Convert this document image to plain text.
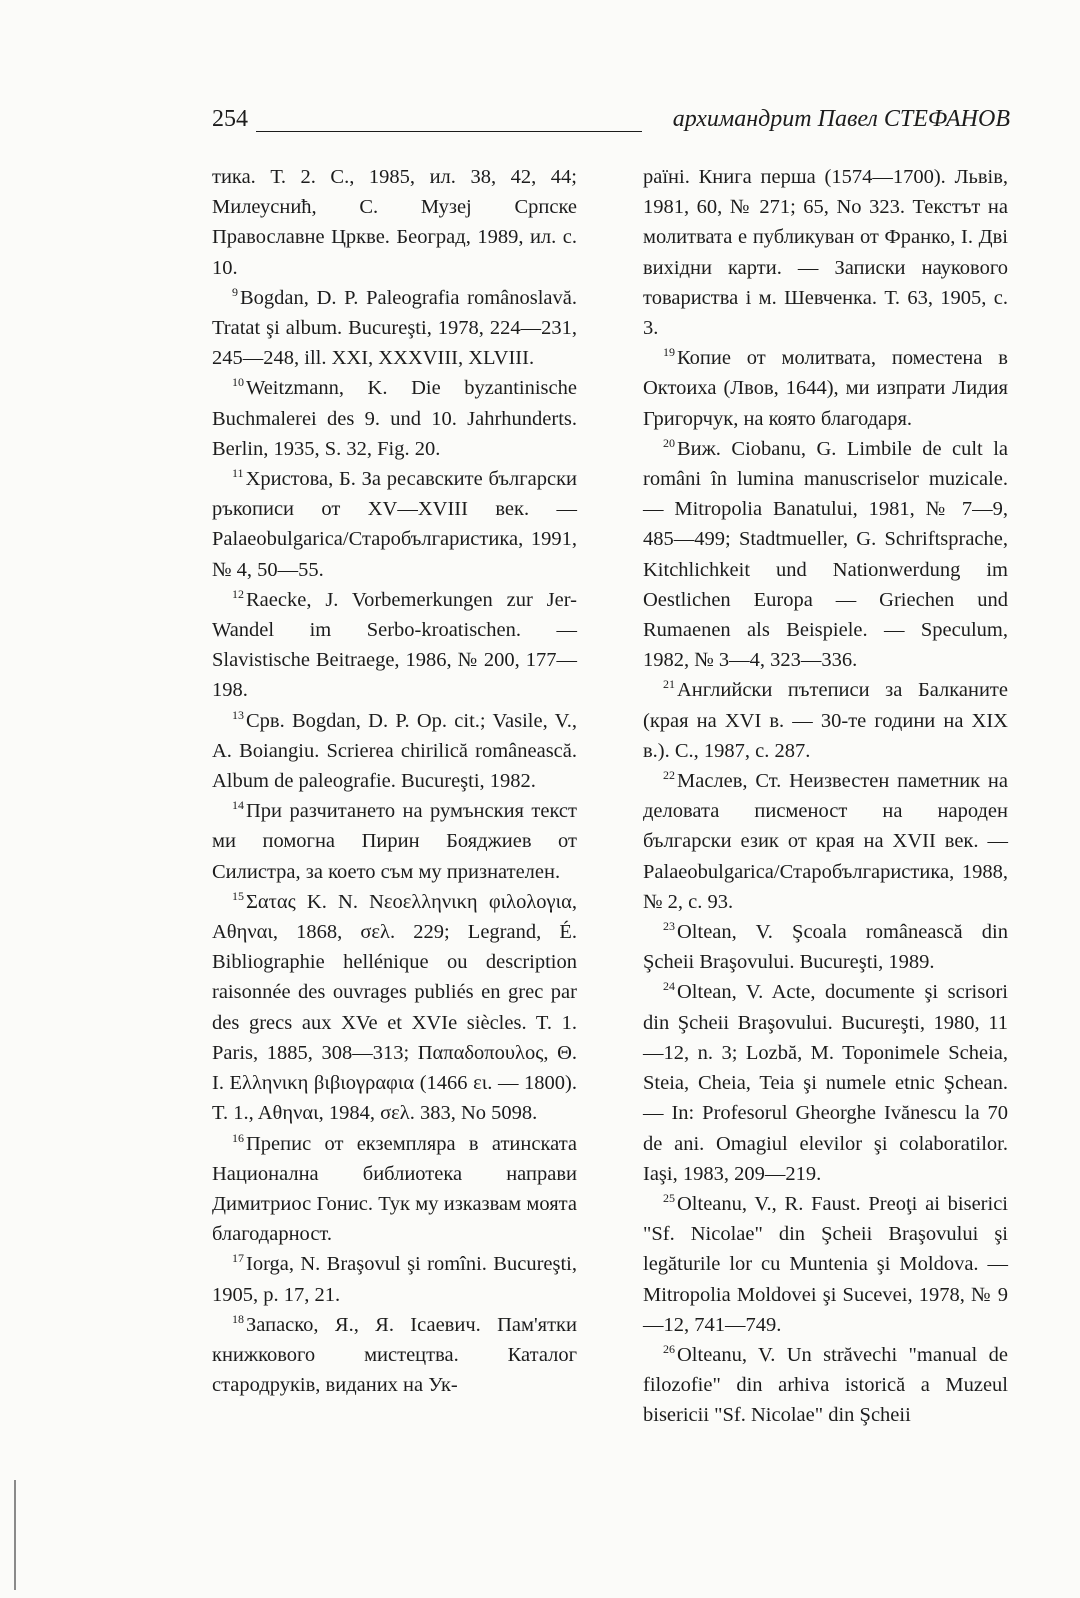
254	архимандрит Павел СТЕФАНОВ

тика. Т. 2. С., 1985, ил. 38, 42, 44; Милеусниħ, С. Музеј Српске Православне Цркве. Београд, 1989, ил. с. 10.

$^9$Bogdan, D. P. Paleografia românoslavă. Tratat şi album. Bucureşti, 1978, 224—231, 245—248, ill. XXI, XXXVIII, XLVIII.

$^{10}$Weitzmann, K. Die byzantinische Buchmalerei des 9. und 10. Jahrhunderts. Berlin, 1935, S. 32, Fig. 20.

$^{11}$Христова, Б. За ресавските български ръкописи от XV—XVIII век. — Palaeobulgarica/Старобългаристика, 1991, № 4, 50—55.

$^{12}$Raecke, J. Vorbemerkungen zur Jer-Wandel im Serbo-kroatischen. — Slavistische Beitraege, 1986, № 200, 177—198.

$^{13}$Срв. Bogdan, D. P. Op. cit.; Vasile, V., A. Boiangiu. Scrierea chirilică românească. Album de paleografie. Bucureşti, 1982.

$^{14}$При разчитането на румънския текст ми помогна Пирин Бояджиев от Силистра, за което съм му признателен.

$^{15}$Σατας Κ. Ν. Νεοελληνικη φιλολογια, Αθηναι, 1868, σελ. 229; Legrand, É. Bibliographie hellénique ou description raisonnée des ouvrages publiés en grec par des grecs aux XVe et XVIe siècles. T. 1. Paris, 1885, 308—313; Παπαδοπουλος, Θ. Ι. Ελληνικη βιβιογραφια (1466 ει. — 1800). Τ. 1., Αθηναι, 1984, σελ. 383, No 5098.

$^{16}$Препис от екземпляра в атинската Национална библиотека направи Димитриос Гонис. Тук му изказвам моята благодарност.

$^{17}$Iorga, N. Braşovul şi romîni. Bucureşti, 1905, p. 17, 21.

$^{18}$Запаско, Я., Я. Ісаевич. Пам'ятки книжкового мистецтва. Каталог стародруків, виданих на Ук-

раїні. Книга перша (1574—1700). Львів, 1981, 60, № 271; 65, No 323. Текстът на молитвата е публикуван от Франко, І. Дві вихідни карти. — Записки наукового товариства і м. Шевченка. Т. 63, 1905, с. 3.

$^{19}$Копие от молитвата, поместена в Октоиха (Лвов, 1644), ми изпрати Лидия Григорчук, на която благодаря.

$^{20}$Виж. Ciobanu, G. Limbile de cult la români în lumina manuscriselor muzicale. — Mitropolia Banatului, 1981, № 7—9, 485—499; Stadtmueller, G. Schriftsprache, Kitchlichkeit und Nationwerdung im Oestlichen Europa — Griechen und Rumaenen als Beispiele. — Speculum, 1982, № 3—4, 323—336.

$^{21}$Английски пътеписи за Балканите (края на XVI в. — 30-те години на XIX в.). С., 1987, с. 287.

$^{22}$Маслев, Ст. Неизвестен паметник на деловата писменост на народен български език от края на XVII век. — Palaeobulgarica/Старобългаристика, 1988, № 2, с. 93.

$^{23}$Oltean, V. Şcoala românească din Şcheii Braşovului. Bucureşti, 1989.

$^{24}$Oltean, V. Acte, documente şi scrisori din Şcheii Braşovului. Bucureşti, 1980, 11—12, n. 3; Lozbă, M. Toponimele Scheia, Steia, Cheia, Teia şi numele etnic Şchean. — In: Profesorul Gheorghe Ivănescu la 70 de ani. Omagiul elevilor şi colaboratilor. Iaşi, 1983, 209—219.

$^{25}$Olteanu, V., R. Faust. Preoţi ai bisericі "Sf. Nicolae" din Şcheii Braşovului şi legăturile lor cu Muntenia şi Moldova. — Mitropolia Moldovei şi Sucevei, 1978, № 9—12, 741—749.

$^{26}$Olteanu, V. Un străvechi "manual de filozofie" din arhiva istorică a Muzeul bisericii "Sf. Nicolae" din Şcheii
